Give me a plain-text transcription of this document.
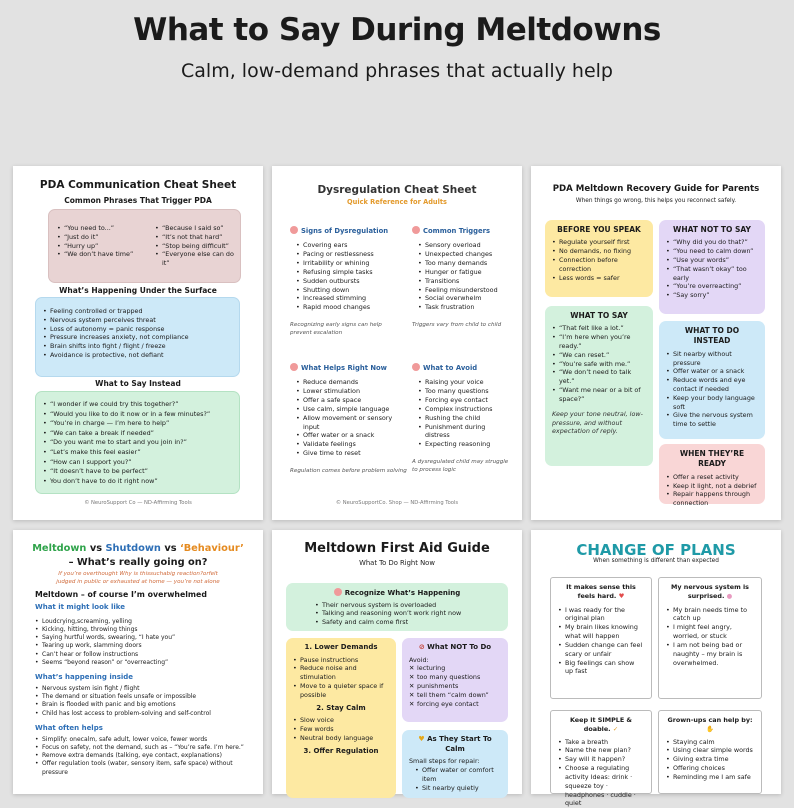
What to Say During Meltdowns
Calm, low-demand phrases that actually help
PDA Communication Cheat Sheet
Common Phrases That Trigger PDA
• “You need to...”
• “Just do it”
• “Hurry up”
• “We don’t have time”
• “Because I said so”
• “It’s not that hard”
• “Stop being difficult”
• “Everyone else can do it”
What’s Happening Under the Surface
• Feeling controlled or trapped
• Nervous system perceives threat
• Loss of autonomy = panic response
• Pressure increases anxiety, not compliance
• Brain shifts into fight / flight / freeze
• Avoidance is protective, not defiant
What to Say Instead
• “I wonder if we could try this together?”
• “Would you like to do it now or in a few minutes?”
• “You’re in charge — I’m here to help”
• “We can take a break if needed”
• “Do you want me to start and you join in?”
• “Let’s make this feel easier”
• “How can I support you?”
• “It doesn’t have to be perfect”
• You don’t have to do it right now”
© NeuroSupport Co — ND-Affirming Tools
Dysregulation Cheat Sheet
Quick Reference for Adults
Signs of Dysregulation
• Covering ears
• Pacing or restlessness
• Irritability or whining
• Refusing simple tasks
• Sudden outbursts
• Shutting down
• Increased stimming
• Rapid mood changes
Recognizing early signs can help prevent escalation
Common Triggers
• Sensory overload
• Unexpected changes
• Too many demands
• Hunger or fatigue
• Transitions
• Feeling misunderstood
• Social overwhelm
• Task frustration
Triggers vary from child to child
What Helps Right Now
• Reduce demands
• Lower stimulation
• Offer a safe space
• Use calm, simple language
• Allow movement or sensory input
• Offer water or a snack
• Validate feelings
• Give time to reset
Regulation comes before problem solving
What to Avoid
• Raising your voice
• Too many questions
• Forcing eye contact
• Complex instructions
• Rushing the child
• Punishment during distress
• Expecting reasoning
A dysregulated child may struggle to process logic
© NeuroSupportCo. Shop — ND-Affirming Tools
PDA Meltdown Recovery Guide for Parents
When things go wrong, this helps you reconnect safely.
BEFORE YOU SPEAK
• Regulate yourself first
• No demands, no fixing
• Connection before correction
• Less words = safer
WHAT NOT TO SAY
• “Why did you do that?”
• “You need to calm down”
• “Use your words”
• “That wasn’t okay” too early
• “You’re overreacting”
• “Say sorry”
WHAT TO SAY
• “That felt like a lot.”
• “I’m here when you’re ready.”
• “We can reset.”
• “You’re safe with me.”
• “We don’t need to talk yet.”
• “Want me near or a bit of space?”
Keep your tone neutral, low-pressure, and without expectation of reply.
WHAT TO DO INSTEAD
• Sit nearby without pressure
• Offer water or a snack
• Reduce words and eye contact if needed
• Keep your body language soft
• Give the nervous system time to settle
WHEN THEY’RE READY
• Offer a reset activity
• Keep it light, not a debrief
• Repair happens through connection
Meltdown vs Shutdown vs ‘Behaviour’
– What’s really going on?
If you’re overthought Why is thissuchabig reaction?orfelt
judged in public or exhausted at home — you’re not alone
Meltdown – of course I’m overwhelmed
What it might look like
• Loudcrying,screaming, yelling
• Kicking, hitting, throwing things
• Saying hurtful words, swearing, “I hate you”
• Tearing up work, slamming doors
• Can’t hear or follow instructions
• Seems “beyond reason” or “overreacting”
What’s happening inside
• Nervous system isin fight / flight
• The demand or situation feels unsafe or impossible
• Brain is flooded with panic and big emotions
• Child has lost access to problem-solving and self-control
What often helps
• Simplify: onecalm, safe adult, lower voice, fewer words
• Focus on safety, not the demand, such as – “You’re safe. I’m here.”
• Remove extra demands (talking, eye contact, explanations)
• Offer regulation tools (water, sensory item, safe space) without pressure
Meltdown First Aid Guide
What To Do Right Now
Recognize What’s Happening
• Their nervous system is overloaded
• Talking and reasoning won’t work right now
• Safety and calm come first
1. Lower Demands
• Pause instructions
• Reduce noise and stimulation
• Move to a quieter space if possible
2. Stay Calm
• Slow voice
• Few words
• Neutral body language
3. Offer Regulation
⊘ What NOT To Do
Avoid:
✕ lecturing
✕ too many questions
✕ punishments
✕ tell them “calm down”
✕ forcing eye contact
♥ As They Start To Calm
Small steps for repair:
• Offer water or comfort item
• Sit nearby quietly
CHANGE OF PLANS
When something is different than expected
It makes sense this feels hard. ♥
• I was ready for the original plan
• My brain likes knowing what will happen
• Sudden change can feel scary or unfair
• Big feelings can show up fast
My nervous system is surprised. ●
• My brain needs time to catch up
• I might feel angry, worried, or stuck
• I am not being bad or naughty – my brain is overwhelmed.
Keep it SIMPLE & doable. ✓
• Take a breath
• Name the new plan?
• Say will it happen?
• Choose a regulating activity Ideas: drink · squeeze toy · headphones · cuddle · quiet
Grown-ups can help by: ✋
• Staying calm
• Using clear simple words
• Giving extra time
• Offering choices
• Reminding me I am safe
